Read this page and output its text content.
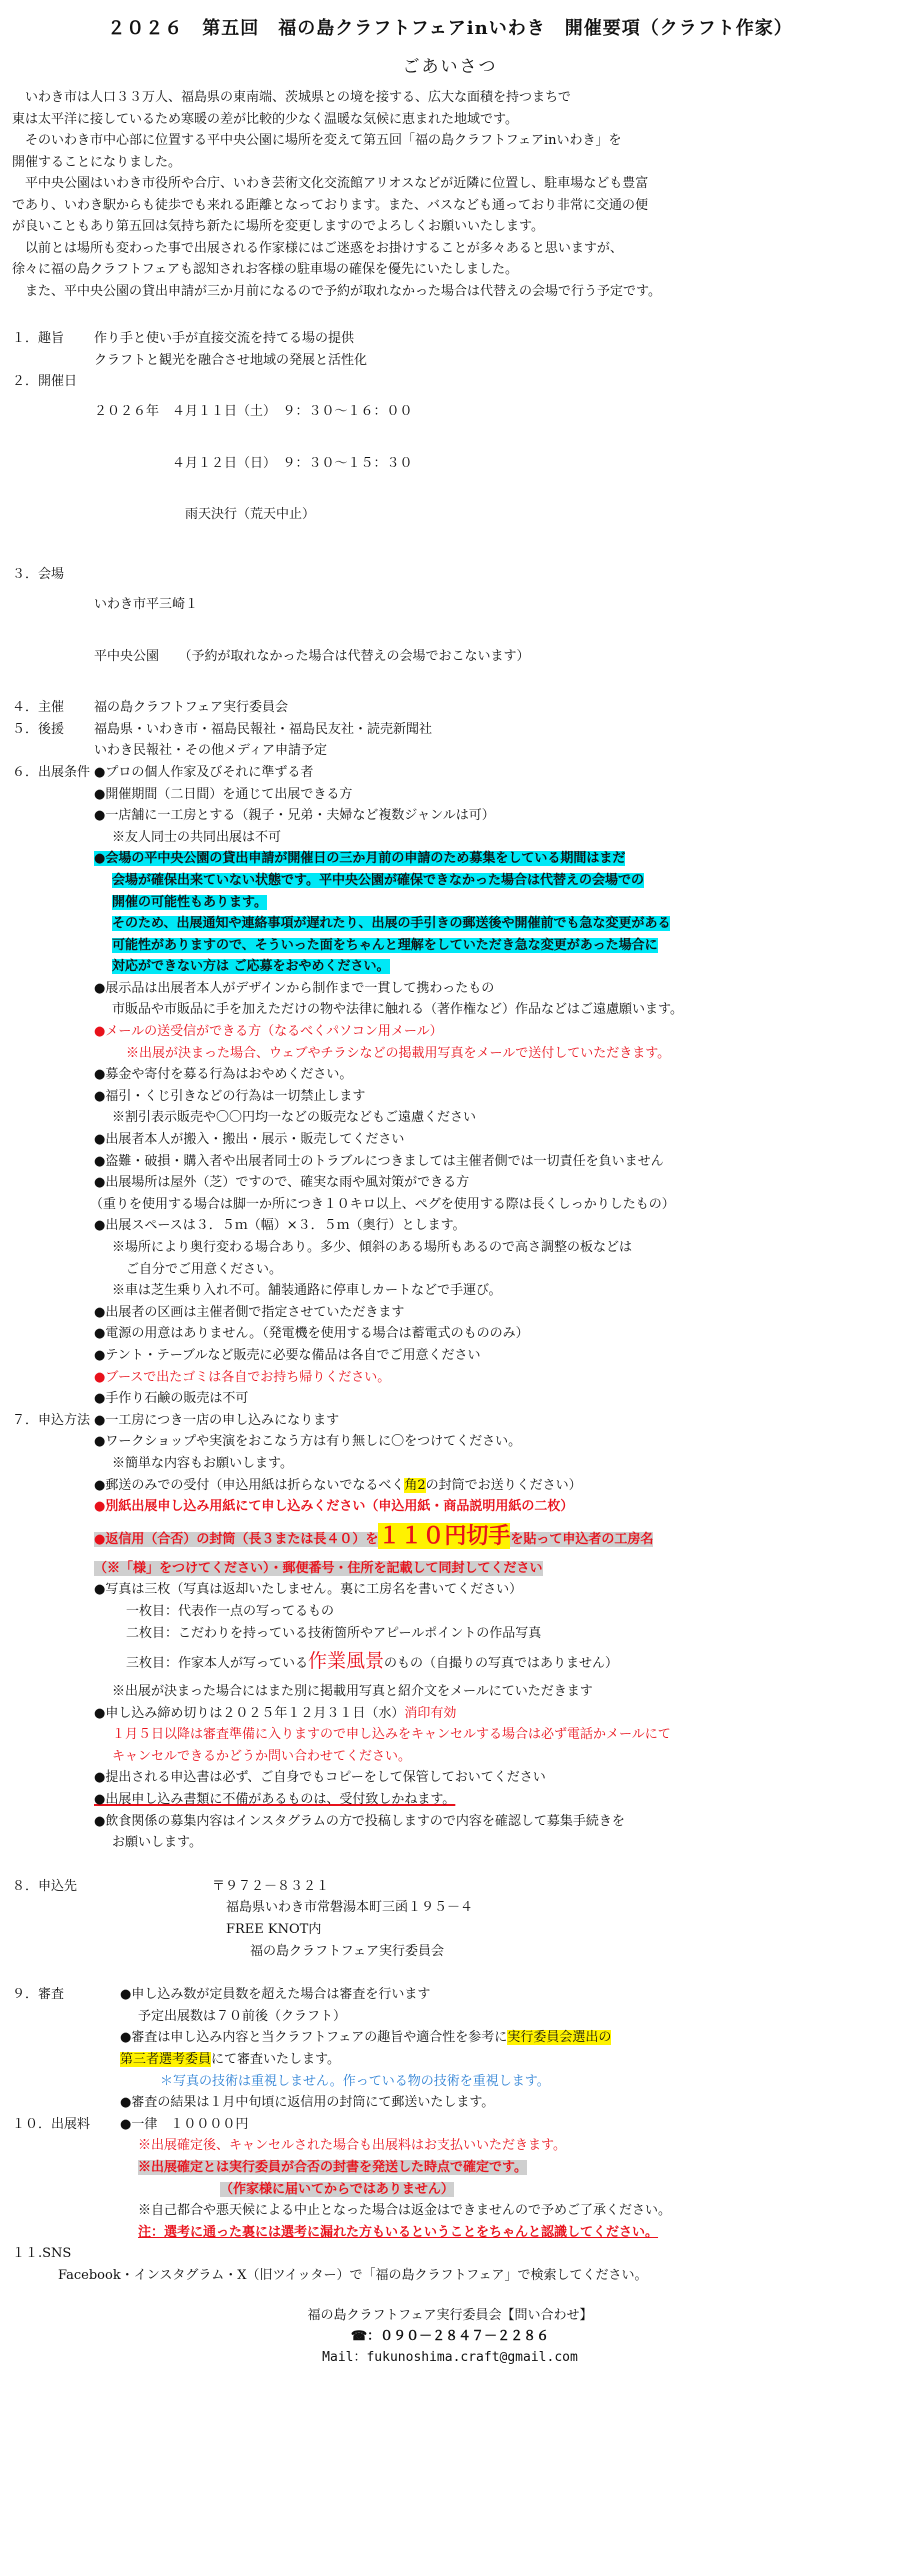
２０２６　第五回　福の島クラフトフェアinいわき　開催要項（クラフト作家）
ごあいさつ

　いわき市は人口３３万人、福島県の東南端、茨城県との境を接する、広大な面積を持つまちで

東は太平洋に接しているため寒暖の差が比較的少なく温暖な気候に恵まれた地域です。

　そのいわき市中心部に位置する平中央公園に場所を変えて第五回「福の島クラフトフェアinいわき」を

開催することになりました。

　平中央公園はいわき市役所や合庁、いわき芸術文化交流館アリオスなどが近隣に位置し、駐車場なども豊富

であり、いわき駅からも徒歩でも来れる距離となっております。また、バスなども通っており非常に交通の便

が良いこともあり第五回は気持ち新たに場所を変更しますのでよろしくお願いいたします。

　以前とは場所も変わった事で出展される作家様にはご迷惑をお掛けすることが多々あると思いますが、

徐々に福の島クラフトフェアも認知されお客様の駐車場の確保を優先にいたしました。

　また、平中央公園の貸出申請が三か月前になるので予約が取れなかった場合は代替えの会場で行う予定です。

１．趣旨	作り手と使い手が直接交流を持てる場の提供
クラフトと観光を融合させ地域の発展と活性化
２．開催日

２０２６年　４月１１日（土）　９：３０～１６：００

　　　　　　４月１２日（日）　９：３０～１５：３０

　　　　　　　雨天決行（荒天中止）

３．会場

いわき市平三崎１

平中央公園　　（予約が取れなかった場合は代替えの会場でおこないます）

４．主催	福の島クラフトフェア実行委員会
５．後援	福島県・いわき市・福島民報社・福島民友社・読売新聞社
いわき民報社・その他メディア申請予定
６．出展条件 ●プロの個人作家及びそれに準ずる者
●開催期間（二日間）を通じて出展できる方
●一店舗に一工房とする（親子・兄弟・夫婦など複数ジャンルは可）
※友人同士の共同出展は不可
●会場の平中央公園の貸出申請が開催日の三か月前の申請のため募集をしている期間はまだ
会場が確保出来ていない状態です。平中央公園が確保できなかった場合は代替えの会場での
開催の可能性もあります。
そのため、出展通知や連絡事項が遅れたり、出展の手引きの郵送後や開催前でも急な変更がある
可能性がありますので、そういった面をちゃんと理解をしていただき急な変更があった場合に
対応ができない方は ご応募をおやめください。
●展示品は出展者本人がデザインから制作まで一貫して携わったもの
市販品や市販品に手を加えただけの物や法律に触れる（著作権など）作品などはご遠慮願います。
●メールの送受信ができる方（なるべくパソコン用メール）
※出展が決まった場合、ウェブやチラシなどの掲載用写真をメールで送付していただきます。
●募金や寄付を募る行為はおやめください。
●福引・くじ引きなどの行為は一切禁止します
※割引表示販売や〇〇円均一などの販売などもご遠慮ください
●出展者本人が搬入・搬出・展示・販売してください
●盗難・破損・購入者や出展者同士のトラブルにつきましては主催者側では一切責任を負いません
●出展場所は屋外（芝）ですので、確実な雨や風対策ができる方
（重りを使用する場合は脚一か所につき１０キロ以上、ペグを使用する際は長くしっかりしたもの）
●出展スペースは３．５ｍ（幅）×３．５ｍ（奥行）とします。
※場所により奥行変わる場合あり。多少、傾斜のある場所もあるので高さ調整の板などは
ご自分でご用意ください。
※車は芝生乗り入れ不可。舗装通路に停車しカートなどで手運び。
●出展者の区画は主催者側で指定させていただきます
●電源の用意はありません。（発電機を使用する場合は蓄電式のもののみ）
●テント・テーブルなど販売に必要な備品は各自でご用意ください
●ブースで出たゴミは各自でお持ち帰りください。
●手作り石鹸の販売は不可
７．申込方法 ●一工房につき一店の申し込みになります
●ワークショップや実演をおこなう方は有り無しに〇をつけてください。
※簡単な内容もお願いします。
●郵送のみでの受付（申込用紙は折らないでなるべく角2の封筒でお送りください）
●別紙出展申し込み用紙にて申し込みください（申込用紙・商品説明用紙の二枚）
●返信用（合否）の封筒（長３または長４０）を１１０円切手を貼って申込者の工房名
（※「様」をつけてください）・郵便番号・住所を記載して同封してください
●写真は三枚（写真は返却いたしません。裏に工房名を書いてください）
一枚目：代表作一点の写ってるもの
二枚目：こだわりを持っている技術箇所やアピールポイントの作品写真
三枚目：作家本人が写っている作業風景のもの（自撮りの写真ではありません）
※出展が決まった場合にはまた別に掲載用写真と紹介文をメールにていただきます
●申し込み締め切りは２０２５年１２月３１日（水）消印有効
１月５日以降は審査準備に入りますので申し込みをキャンセルする場合は必ず電話かメールにて
キャンセルできるかどうか問い合わせてください。
●提出される申込書は必ず、ご自身でもコピーをして保管しておいてください
●出展申し込み書類に不備があるものは、受付致しかねます。
●飲食関係の募集内容はインスタグラムの方で投稿しますので内容を確認して募集手続きを
お願いします。
８．申込先	〒９７２－８３２１
福島県いわき市常磐湯本町三函１９５－４
FREE KNOT内
福の島クラフトフェア実行委員会
９．審査	●申し込み数が定員数を超えた場合は審査を行います
予定出展数は７０前後（クラフト）
●審査は申し込み内容と当クラフトフェアの趣旨や適合性を参考に実行委員会選出の
第三者選考委員にて審査いたします。
＊写真の技術は重視しません。作っている物の技術を重視します。
●審査の結果は１月中旬頃に返信用の封筒にて郵送いたします。
１０．出展料	●一律　１００００円
※出展確定後、キャンセルされた場合も出展料はお支払いいただきます。
※出展確定とは実行委員が合否の封書を発送した時点で確定です。
（作家様に届いてからではありません）
※自己都合や悪天候による中止となった場合は返金はできませんので予めご了承ください。
注：選考に通った裏には選考に漏れた方もいるということをちゃんと認識してください。
１１.SNS
Facebook・インスタグラム・X（旧ツイッター）で「福の島クラフトフェア」で検索してください。
福の島クラフトフェア実行委員会【問い合わせ】
☎：０９０－２８４７－２２８６
Mail：fukunoshima.craft@gmail.com
